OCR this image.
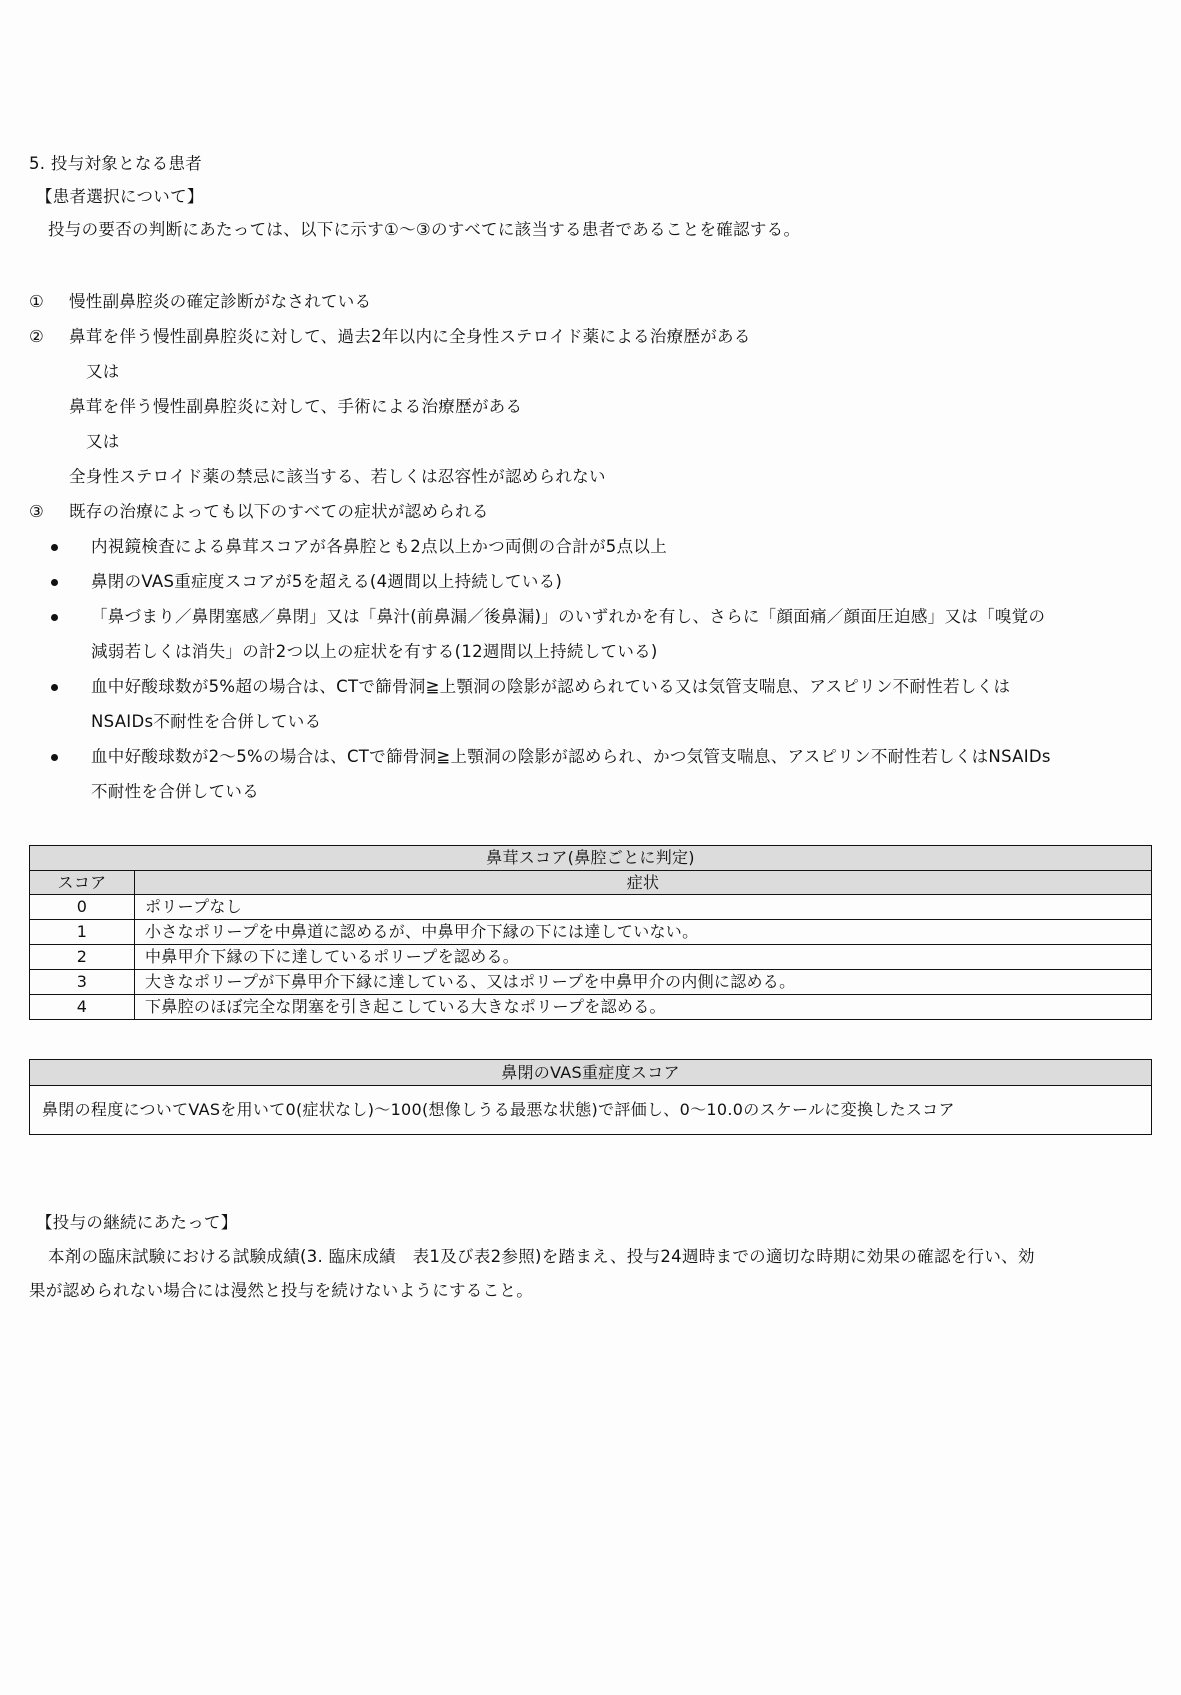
5. 投与対象となる患者
【患者選択について】
投与の要否の判断にあたっては、以下に示す①～③のすべてに該当する患者であることを確認する。
① 慢性副鼻腔炎の確定診断がなされている
② 鼻茸を伴う慢性副鼻腔炎に対して、過去2年以内に全身性ステロイド薬による治療歴がある
又は
鼻茸を伴う慢性副鼻腔炎に対して、手術による治療歴がある
又は
全身性ステロイド薬の禁忌に該当する、若しくは忍容性が認められない
③ 既存の治療によっても以下のすべての症状が認められる
内視鏡検査による鼻茸スコアが各鼻腔とも2点以上かつ両側の合計が5点以上
鼻閉のVAS重症度スコアが5を超える(4週間以上持続している)
「鼻づまり／鼻閉塞感／鼻閉」又は「鼻汁(前鼻漏／後鼻漏)」のいずれかを有し、さらに「顔面痛／顔面圧迫感」又は「嗅覚の
減弱若しくは消失」の計2つ以上の症状を有する(12週間以上持続している)
血中好酸球数が5%超の場合は、CTで篩骨洞≧上顎洞の陰影が認められている又は気管支喘息、アスピリン不耐性若しくは
NSAIDs不耐性を合併している
血中好酸球数が2～5%の場合は、CTで篩骨洞≧上顎洞の陰影が認められ、かつ気管支喘息、アスピリン不耐性若しくはNSAIDs
不耐性を合併している
鼻茸スコア(鼻腔ごとに判定)	
スコア	症状
0	ポリープなし
1	小さなポリープを中鼻道に認めるが、中鼻甲介下縁の下には達していない。
2	中鼻甲介下縁の下に達しているポリープを認める。
3	大きなポリープが下鼻甲介下縁に達している、又はポリープを中鼻甲介の内側に認める。
4	下鼻腔のほぼ完全な閉塞を引き起こしている大きなポリープを認める。
鼻閉のVAS重症度スコア
鼻閉の程度についてVASを用いて0(症状なし)～100(想像しうる最悪な状態)で評価し、0～10.0のスケールに変換したスコア
【投与の継続にあたって】
本剤の臨床試験における試験成績(3. 臨床成績　表1及び表2参照)を踏まえ、投与24週時までの適切な時期に効果の確認を行い、効
果が認められない場合には漫然と投与を続けないようにすること。
